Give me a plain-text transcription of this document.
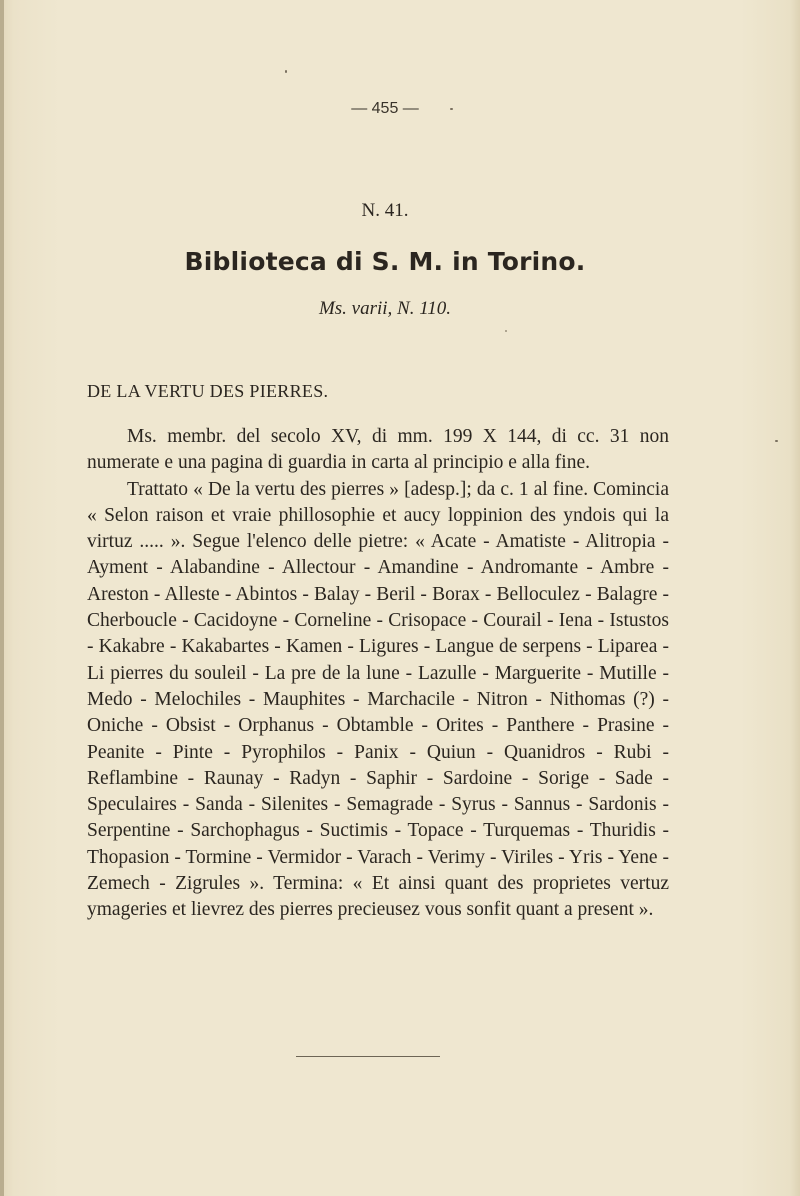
— 455 —
N. 41.
Biblioteca di S. M. in Torino.
Ms. varii, N. 110.
DE LA VERTU DES PIERRES.

Ms. membr. del secolo XV, di mm. 199 X 144, di cc. 31 non numerate e una pagina di guardia in carta al principio e alla fine.

Trattato « De la vertu des pierres » [adesp.]; da c. 1 al fine. Comincia « Selon raison et vraie phillosophie et aucy loppinion des yndois qui la virtuz ..... ». Segue l'elenco delle pietre: « Acate - Amatiste - Alitropia - Ayment - Alabandine - Allectour - Amandine - Andromante - Ambre - Areston - Alleste - Abintos - Balay - Beril - Borax - Belloculez - Balagre - Cherboucle - Cacidoyne - Corneline - Crisopace - Courail - Iena - Istustos - Kakabre - Kakabartes - Kamen - Ligures - Langue de serpens - Liparea - Li pierres du souleil - La pre de la lune - Lazulle - Marguerite - Mutille - Medo - Melochiles - Mauphites - Marchacile - Nitron - Nithomas (?) - Oniche - Obsist - Orphanus - Obtamble - Orites - Panthere - Prasine - Peanite - Pinte - Pyrophilos - Panix - Quiun - Quanidros - Rubi - Reflambine - Raunay - Radyn - Saphir - Sardoine - Sorige - Sade - Speculaires - Sanda - Silenites - Semagrade - Syrus - Sannus - Sardonis - Serpentine - Sarchophagus - Suctimis - Topace - Turquemas - Thuridis - Thopasion - Tormine - Vermidor - Varach - Verimy - Viriles - Yris - Yene - Zemech - Zigrules ». Termina: « Et ainsi quant des proprietes vertuz ymageries et lievrez des pierres precieusez vous sonfit quant a present ».
